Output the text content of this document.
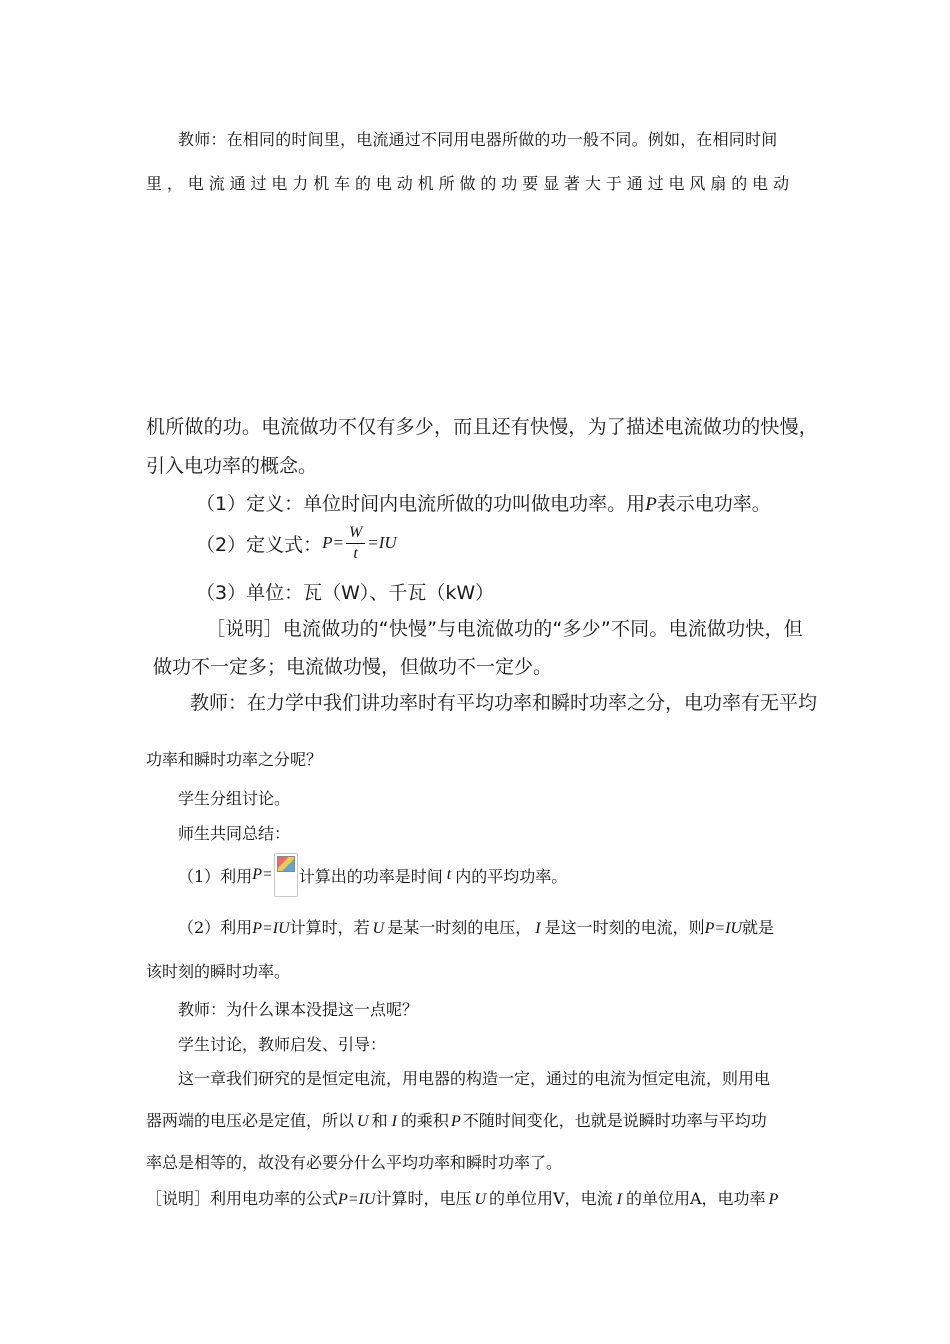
教师：在相同的时间里，电流通过不同用电器所做的功一般不同。例如，在相同时间
里，电流通过电力机车的电动机所做的功要显著大于通过电风扇的电动
机所做的功。电流做功不仅有多少，而且还有快慢，为了描述电流做功的快慢，
引入电功率的概念。
（1）定义：单位时间内电流所做的功叫做电功率。用P表示电功率。
（2）定义式： $P= \frac{W}{t} =IU$
（3）单位：瓦（W）、千瓦（kW）
［说明］电流做功的“快慢”与电流做功的“多少”不同。电流做功快，但
做功不一定多；电流做功慢，但做功不一定少。
教师：在力学中我们讲功率时有平均功率和瞬时功率之分，电功率有无平均
功率和瞬时功率之分呢？
学生分组讨论。
师生共同总结：
（1）利用 P= 计算出的功率是时间 t 内的平均功率。
（2）利用P=IU计算时，若 U 是某一时刻的电压， I 是这一时刻的电流，则P=IU就是
该时刻的瞬时功率。
教师：为什么课本没提这一点呢？
学生讨论，教师启发、引导：
这一章我们研究的是恒定电流，用电器的构造一定，通过的电流为恒定电流，则用电
器两端的电压必是定值，所以 U 和 I 的乘积 P 不随时间变化，也就是说瞬时功率与平均功
率总是相等的，故没有必要分什么平均功率和瞬时功率了。
［说明］利用电功率的公式P=IU计算时，电压 U 的单位用V，电流 I 的单位用A，电功率 P
